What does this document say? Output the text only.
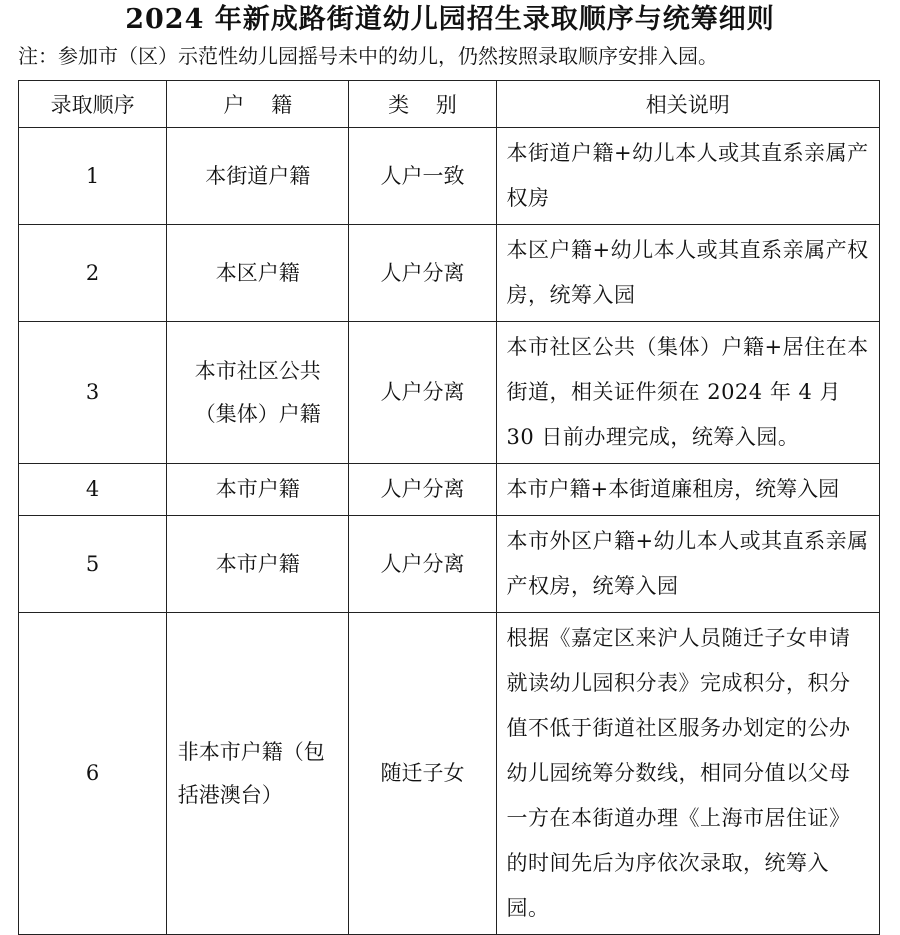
2024 年新成路街道幼儿园招生录取顺序与统筹细则
注：参加市（区）示范性幼儿园摇号未中的幼儿，仍然按照录取顺序安排入园。
录取顺序	户    籍	类    别	相关说明
1	本街道户籍	人户一致	本街道户籍+幼儿本人或其直系亲属产权房
2	本区户籍	人户分离	本区户籍+幼儿本人或其直系亲属产权房，统筹入园
3	本市社区公共（集体）户籍	人户分离	本市社区公共（集体）户籍+居住在本街道，相关证件须在 2024 年 4 月 30 日前办理完成，统筹入园。
4	本市户籍	人户分离	本市户籍+本街道廉租房，统筹入园
5	本市户籍	人户分离	本市外区户籍+幼儿本人或其直系亲属产权房，统筹入园
6	非本市户籍（包括港澳台）	随迁子女	根据《嘉定区来沪人员随迁子女申请就读幼儿园积分表》完成积分，积分值不低于街道社区服务办划定的公办幼儿园统筹分数线，相同分值以父母一方在本街道办理《上海市居住证》的时间先后为序依次录取，统筹入园。
